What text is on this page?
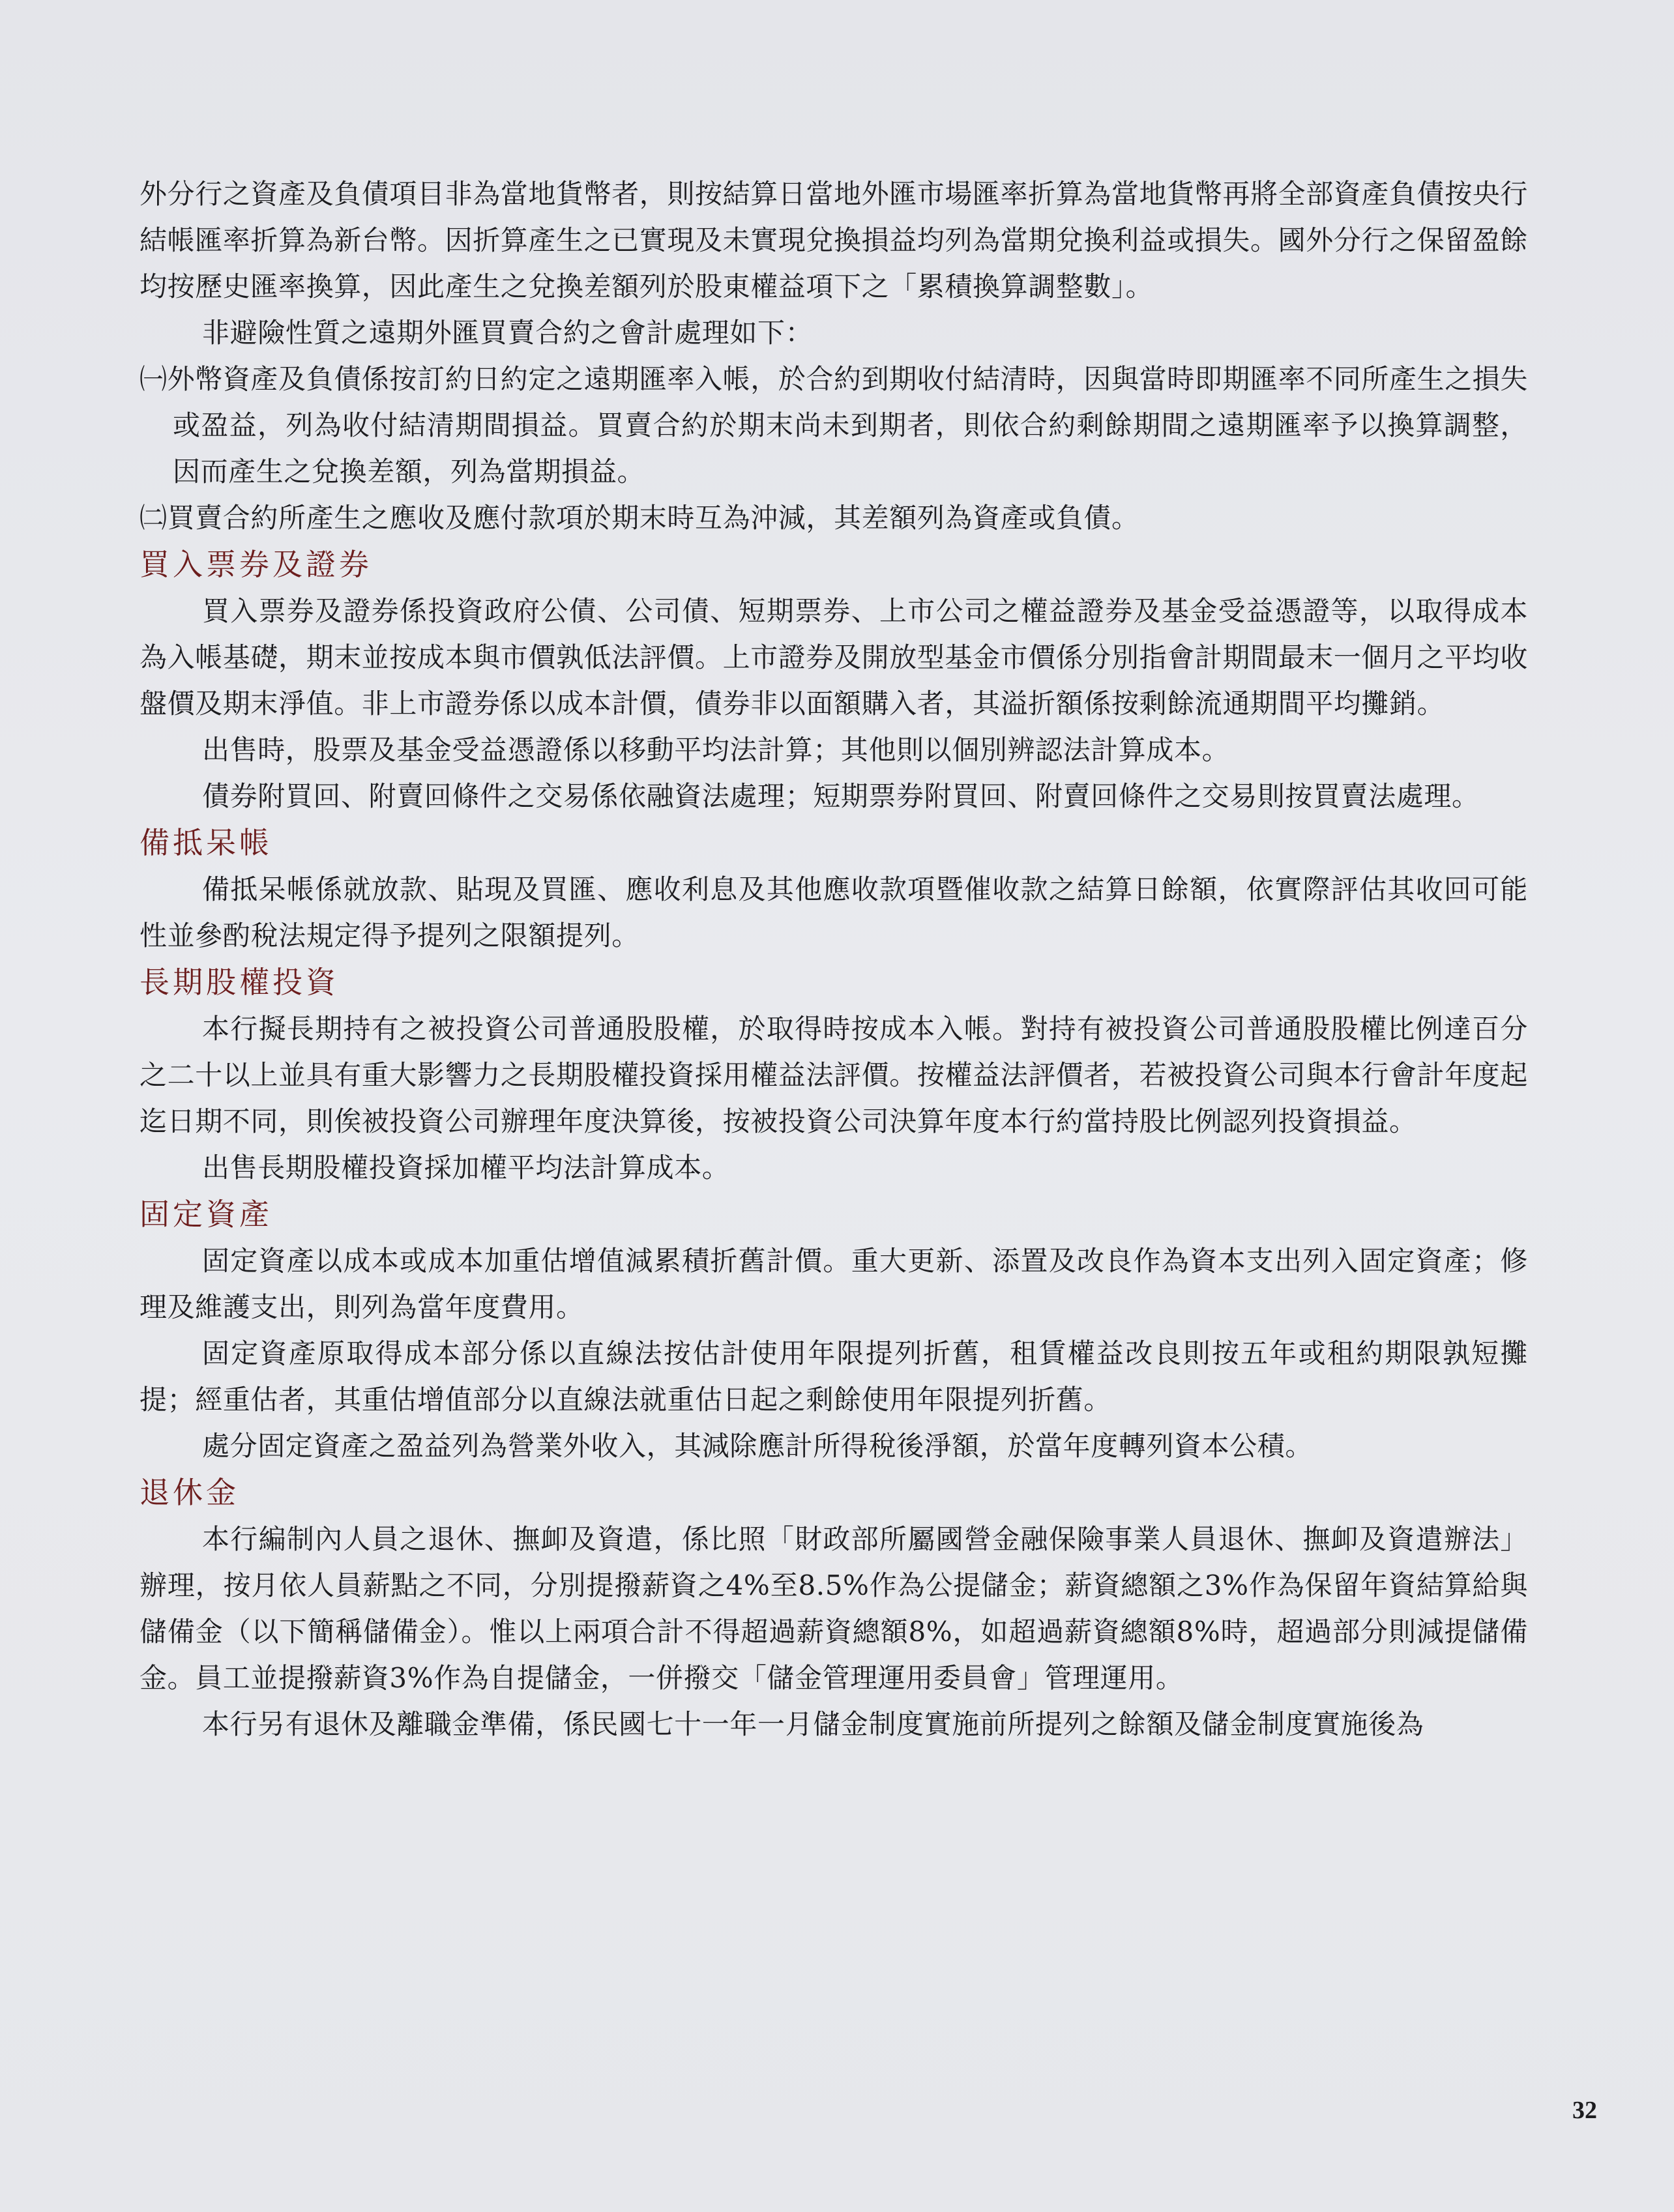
外分行之資產及負債項目非為當地貨幣者，則按結算日當地外匯市場匯率折算為當地貨幣再將全部資產負債按央行結帳匯率折算為新台幣。因折算產生之已實現及未實現兌換損益均列為當期兌換利益或損失。國外分行之保留盈餘均按歷史匯率換算，因此產生之兌換差額列於股東權益項下之「累積換算調整數」。

非避險性質之遠期外匯買賣合約之會計處理如下：

㈠外幣資產及負債係按訂約日約定之遠期匯率入帳，於合約到期收付結清時，因與當時即期匯率不同所產生之損失或盈益，列為收付結清期間損益。買賣合約於期末尚未到期者，則依合約剩餘期間之遠期匯率予以換算調整，因而產生之兌換差額，列為當期損益。

㈡買賣合約所產生之應收及應付款項於期末時互為沖減，其差額列為資產或負債。

買入票券及證券

買入票券及證券係投資政府公債、公司債、短期票券、上市公司之權益證券及基金受益憑證等，以取得成本為入帳基礎，期末並按成本與市價孰低法評價。上市證券及開放型基金市價係分別指會計期間最末一個月之平均收盤價及期末淨值。非上市證券係以成本計價，債券非以面額購入者，其溢折額係按剩餘流通期間平均攤銷。

出售時，股票及基金受益憑證係以移動平均法計算；其他則以個別辨認法計算成本。

債券附買回、附賣回條件之交易係依融資法處理；短期票券附買回、附賣回條件之交易則按買賣法處理。

備抵呆帳

備抵呆帳係就放款、貼現及買匯、應收利息及其他應收款項暨催收款之結算日餘額，依實際評估其收回可能性並參酌稅法規定得予提列之限額提列。

長期股權投資

本行擬長期持有之被投資公司普通股股權，於取得時按成本入帳。對持有被投資公司普通股股權比例達百分之二十以上並具有重大影響力之長期股權投資採用權益法評價。按權益法評價者，若被投資公司與本行會計年度起迄日期不同，則俟被投資公司辦理年度決算後，按被投資公司決算年度本行約當持股比例認列投資損益。

出售長期股權投資採加權平均法計算成本。

固定資產

固定資產以成本或成本加重估增值減累積折舊計價。重大更新、添置及改良作為資本支出列入固定資產；修理及維護支出，則列為當年度費用。

固定資產原取得成本部分係以直線法按估計使用年限提列折舊，租賃權益改良則按五年或租約期限孰短攤提；經重估者，其重估增值部分以直線法就重估日起之剩餘使用年限提列折舊。

處分固定資產之盈益列為營業外收入，其減除應計所得稅後淨額，於當年度轉列資本公積。

退休金

本行編制內人員之退休、撫卹及資遣，係比照「財政部所屬國營金融保險事業人員退休、撫卹及資遣辦法」辦理，按月依人員薪點之不同，分別提撥薪資之4%至8.5%作為公提儲金；薪資總額之3%作為保留年資結算給與儲備金（以下簡稱儲備金）。惟以上兩項合計不得超過薪資總額8%，如超過薪資總額8%時，超過部分則減提儲備金。員工並提撥薪資3%作為自提儲金，一併撥交「儲金管理運用委員會」管理運用。

本行另有退休及離職金準備，係民國七十一年一月儲金制度實施前所提列之餘額及儲金制度實施後為

32
